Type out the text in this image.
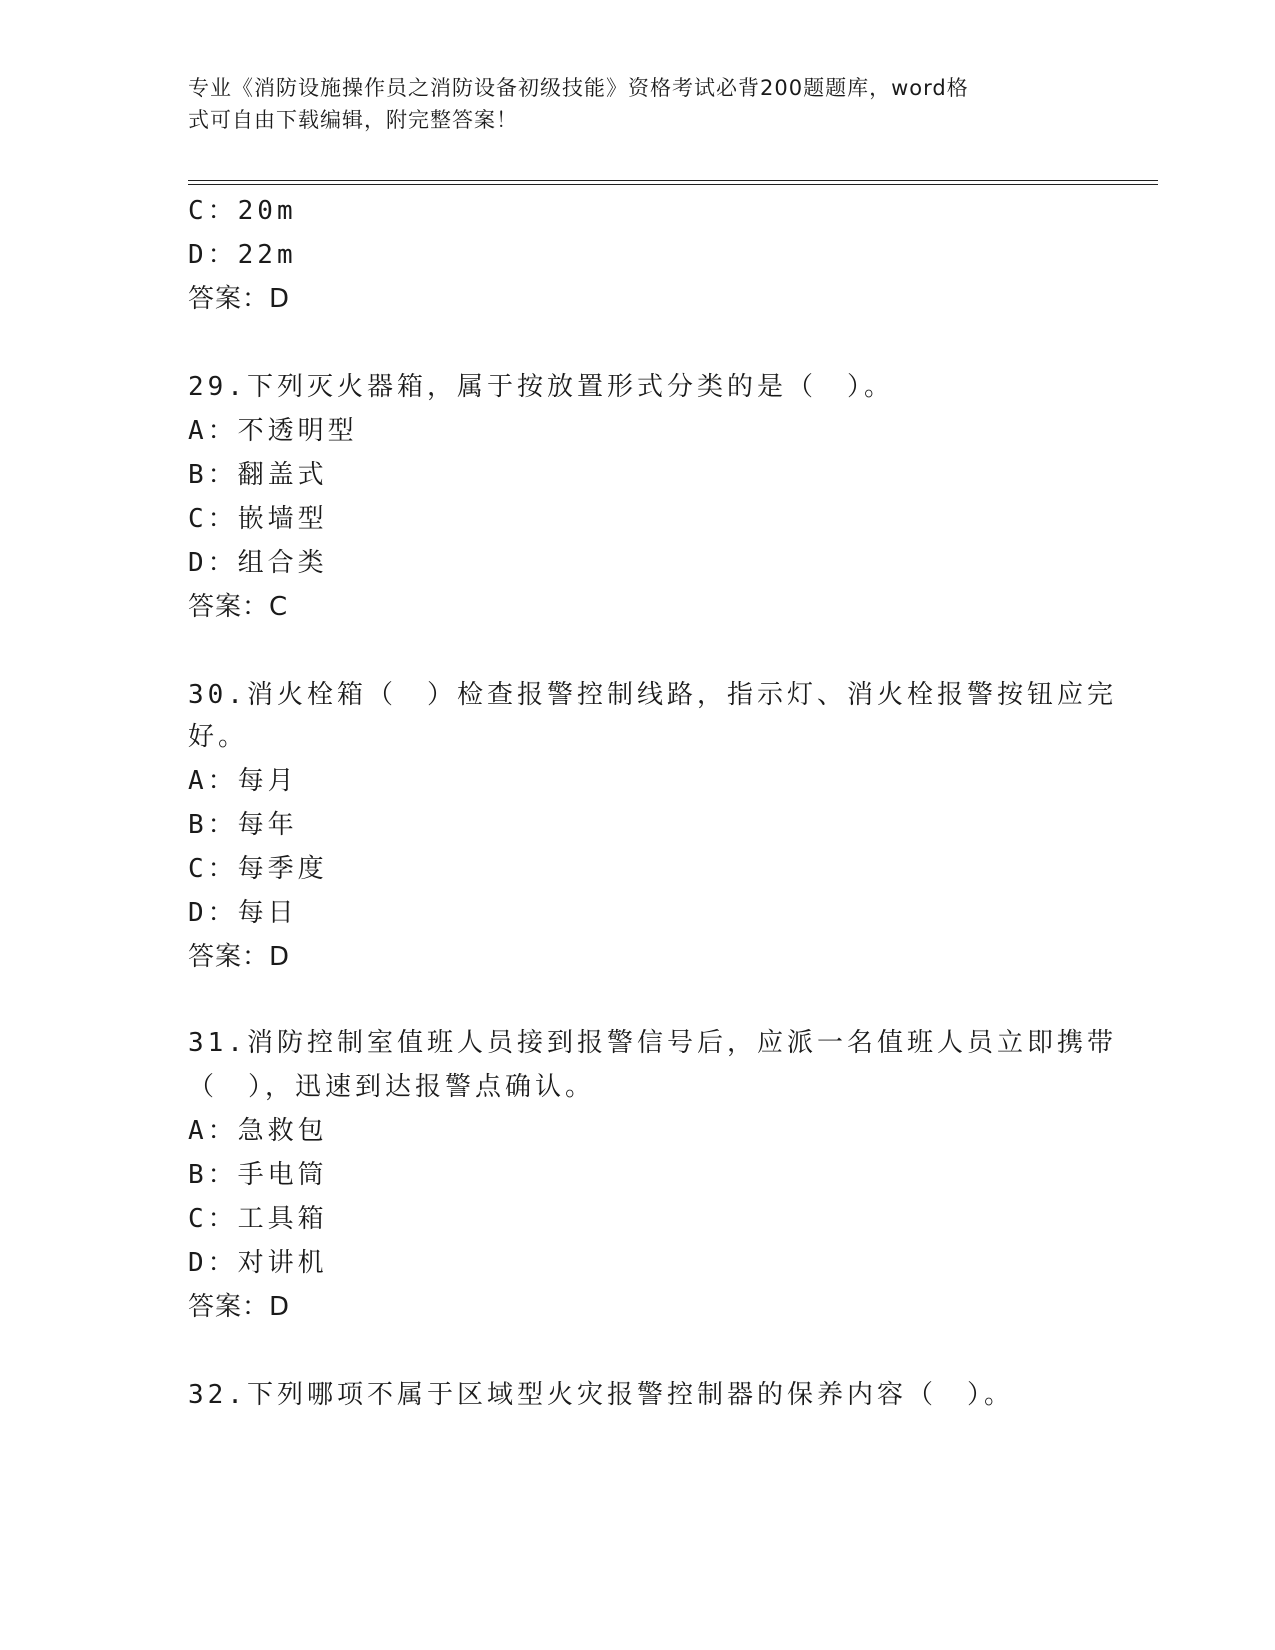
专业《消防设施操作员之消防设备初级技能》资格考试必背200题题库，word格
式可自由下载编辑，附完整答案！
C：20m
D：22m
答案：D
29.下列灭火器箱，属于按放置形式分类的是（　）。
A：不透明型
B：翻盖式
C：嵌墙型
D：组合类
答案：C
30.消火栓箱（　）检查报警控制线路，指示灯、消火栓报警按钮应完
好。
A：每月
B：每年
C：每季度
D：每日
答案：D
31.消防控制室值班人员接到报警信号后，应派一名值班人员立即携带
（　），迅速到达报警点确认。
A：急救包
B：手电筒
C：工具箱
D：对讲机
答案：D
32.下列哪项不属于区域型火灾报警控制器的保养内容（　）。
